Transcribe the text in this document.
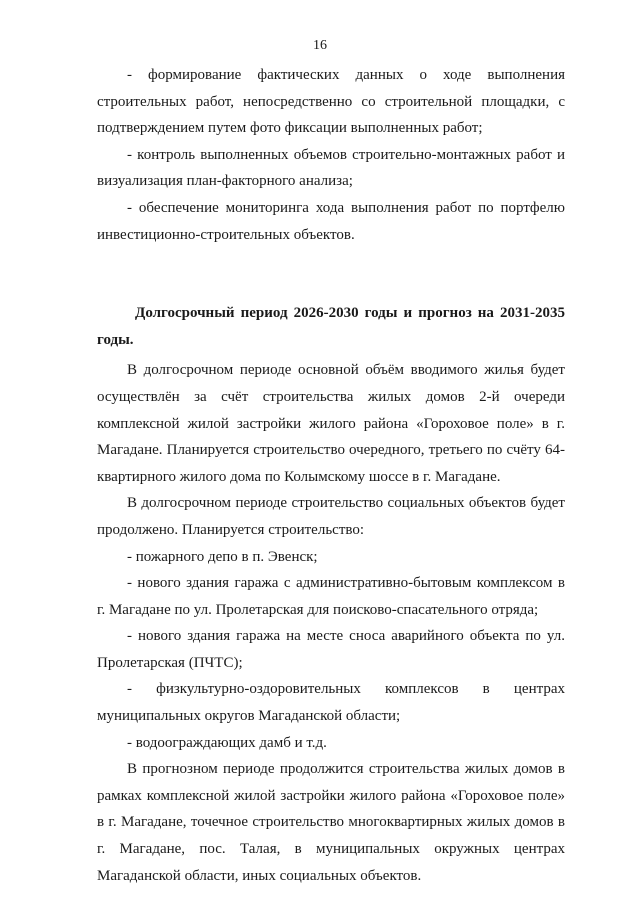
16

- формирование фактических данных о ходе выполнения строительных работ, непосредственно со строительной площадки, с подтверждением путем фото фиксации выполненных работ;

- контроль выполненных объемов строительно-монтажных работ и визуализация план-факторного анализа;

- обеспечение мониторинга хода выполнения работ по портфелю инвестиционно-строительных объектов.

Долгосрочный период 2026-2030 годы и прогноз на 2031-2035 годы.

В долгосрочном периоде основной объём вводимого жилья будет осуществлён за счёт строительства жилых домов 2-й очереди комплексной жилой застройки жилого района «Гороховое поле» в г. Магадане. Планируется строительство очередного, третьего по счёту 64-квартирного жилого дома по Колымскому шоссе в г. Магадане.

В долгосрочном периоде строительство социальных объектов будет продолжено. Планируется строительство:

- пожарного депо в п. Эвенск;

- нового здания гаража с административно-бытовым комплексом в г. Магадане по ул. Пролетарская для поисково-спасательного отряда;

- нового здания гаража на месте сноса аварийного объекта по ул. Пролетарская (ПЧТС);

- физкультурно-оздоровительных комплексов в центрах муниципальных округов Магаданской области;

- водоограждающих дамб и т.д.

В прогнозном периоде продолжится строительства жилых домов в рамках комплексной жилой застройки жилого района «Гороховое поле» в г. Магадане, точечное строительство многоквартирных жилых домов в г. Магадане, пос. Талая, в муниципальных окружных центрах Магаданской области, иных социальных объектов.
